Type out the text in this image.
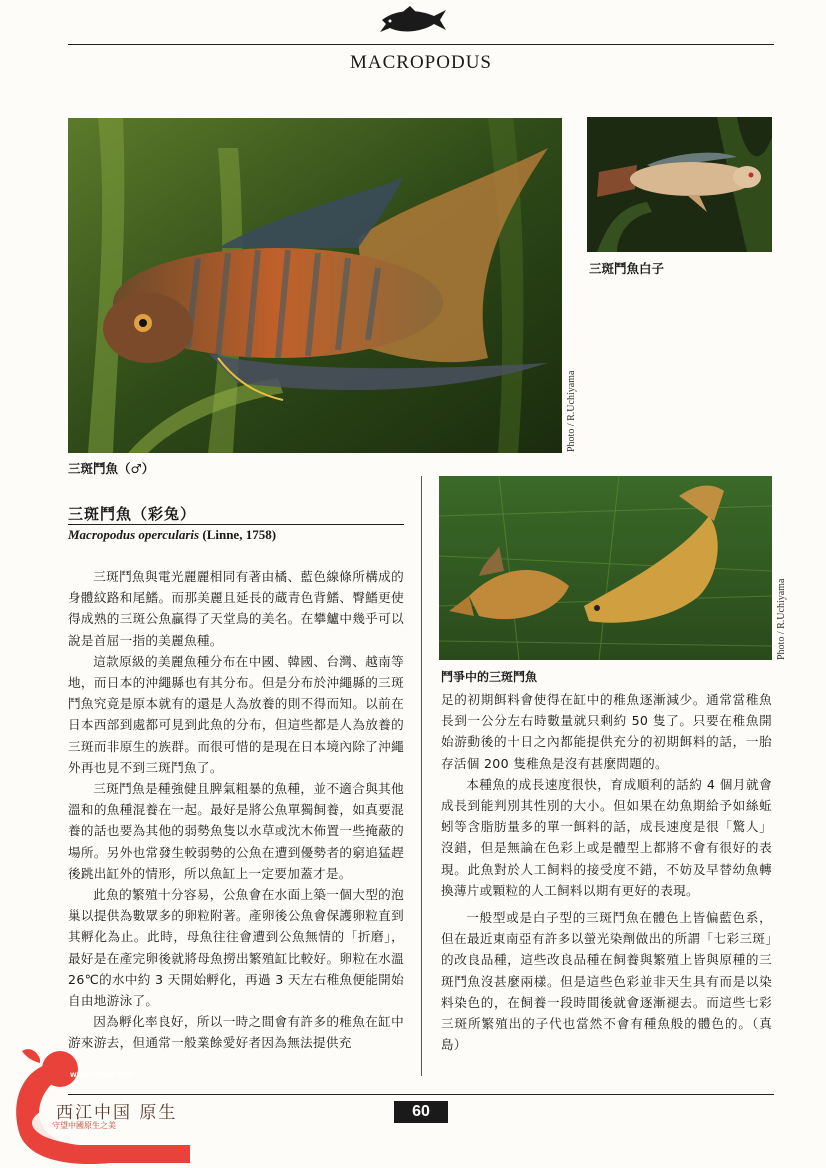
MACROPODUS
Photo / R.Uchiyama
三斑鬥魚（♂）
三斑鬥魚白子
Photo / R.Uchiyama
鬥爭中的三斑鬥魚
三斑鬥魚（彩兔）
Macropodus opercularis (Linne, 1758)

三斑鬥魚與電光麗麗相同有著由橘、藍色線條所構成的身體紋路和尾鰭。而那美麗且延長的蔵青色背鰭、臀鰭更使得成熟的三斑公魚贏得了天堂鳥的美名。在攀鱸中幾乎可以說是首屈一指的美麗魚種。

這款原級的美麗魚種分布在中國、韓國、台灣、越南等地，而日本的沖繩縣也有其分布。但是分布於沖繩縣的三斑鬥魚究竟是原本就有的還是人為放養的則不得而知。以前在日本西部到處都可見到此魚的分布，但這些都是人為放養的三斑而非原生的族群。而很可惜的是現在日本境內除了沖繩外再也見不到三斑鬥魚了。

三斑鬥魚是種強健且脾氣粗暴的魚種，並不適合與其他溫和的魚種混養在一起。最好是將公魚單獨飼養，如真要混養的話也要為其他的弱勢魚隻以水草或沈木佈置一些掩蔽的場所。另外也常發生較弱勢的公魚在遭到優勢者的窮追猛趕後跳出缸外的情形，所以魚缸上一定要加蓋才是。

此魚的繁殖十分容易，公魚會在水面上築一個大型的泡巢以提供為數眾多的卵粒附著。產卵後公魚會保護卵粒直到其孵化為止。此時，母魚往往會遭到公魚無情的「折磨」，最好是在產完卵後就將母魚撈出繁殖缸比較好。卵粒在水溫 26℃的水中約 3 天開始孵化，再過 3 天左右稚魚便能開始自由地游泳了。

因為孵化率良好，所以一時之間會有許多的稚魚在缸中游來游去，但通常一般業餘愛好者因為無法提供充

足的初期餌料會使得在缸中的稚魚逐漸減少。通常當稚魚長到一公分左右時數量就只剩約 50 隻了。只要在稚魚開始游動後的十日之內都能提供充分的初期餌料的話，一胎存活個 200 隻稚魚是沒有甚麼問題的。

本種魚的成長速度很快，育成順利的話約 4 個月就會成長到能判別其性別的大小。但如果在幼魚期給予如絲蚯蚓等含脂肪量多的單一餌料的話，成長速度是很「驚人」沒錯，但是無論在色彩上或是體型上都將不會有很好的表現。此魚對於人工飼料的接受度不錯，不妨及早替幼魚轉換薄片或顆粒的人工飼料以期有更好的表現。

一般型或是白子型的三斑鬥魚在體色上皆偏藍色系，但在最近東南亞有許多以螢光染劑做出的所謂「七彩三斑」的改良品種，這些改良品種在飼養與繁殖上皆與原種的三斑鬥魚沒甚麼兩樣。但是這些色彩並非天生具有而是以染料染色的，在飼養一段時間後就會逐漸褪去。而這些七彩三斑所繁殖出的子代也當然不會有種魚般的體色的。（真島）

60
WWW.CCH2O.COM
西江中国 原生
守望中國原生之美
